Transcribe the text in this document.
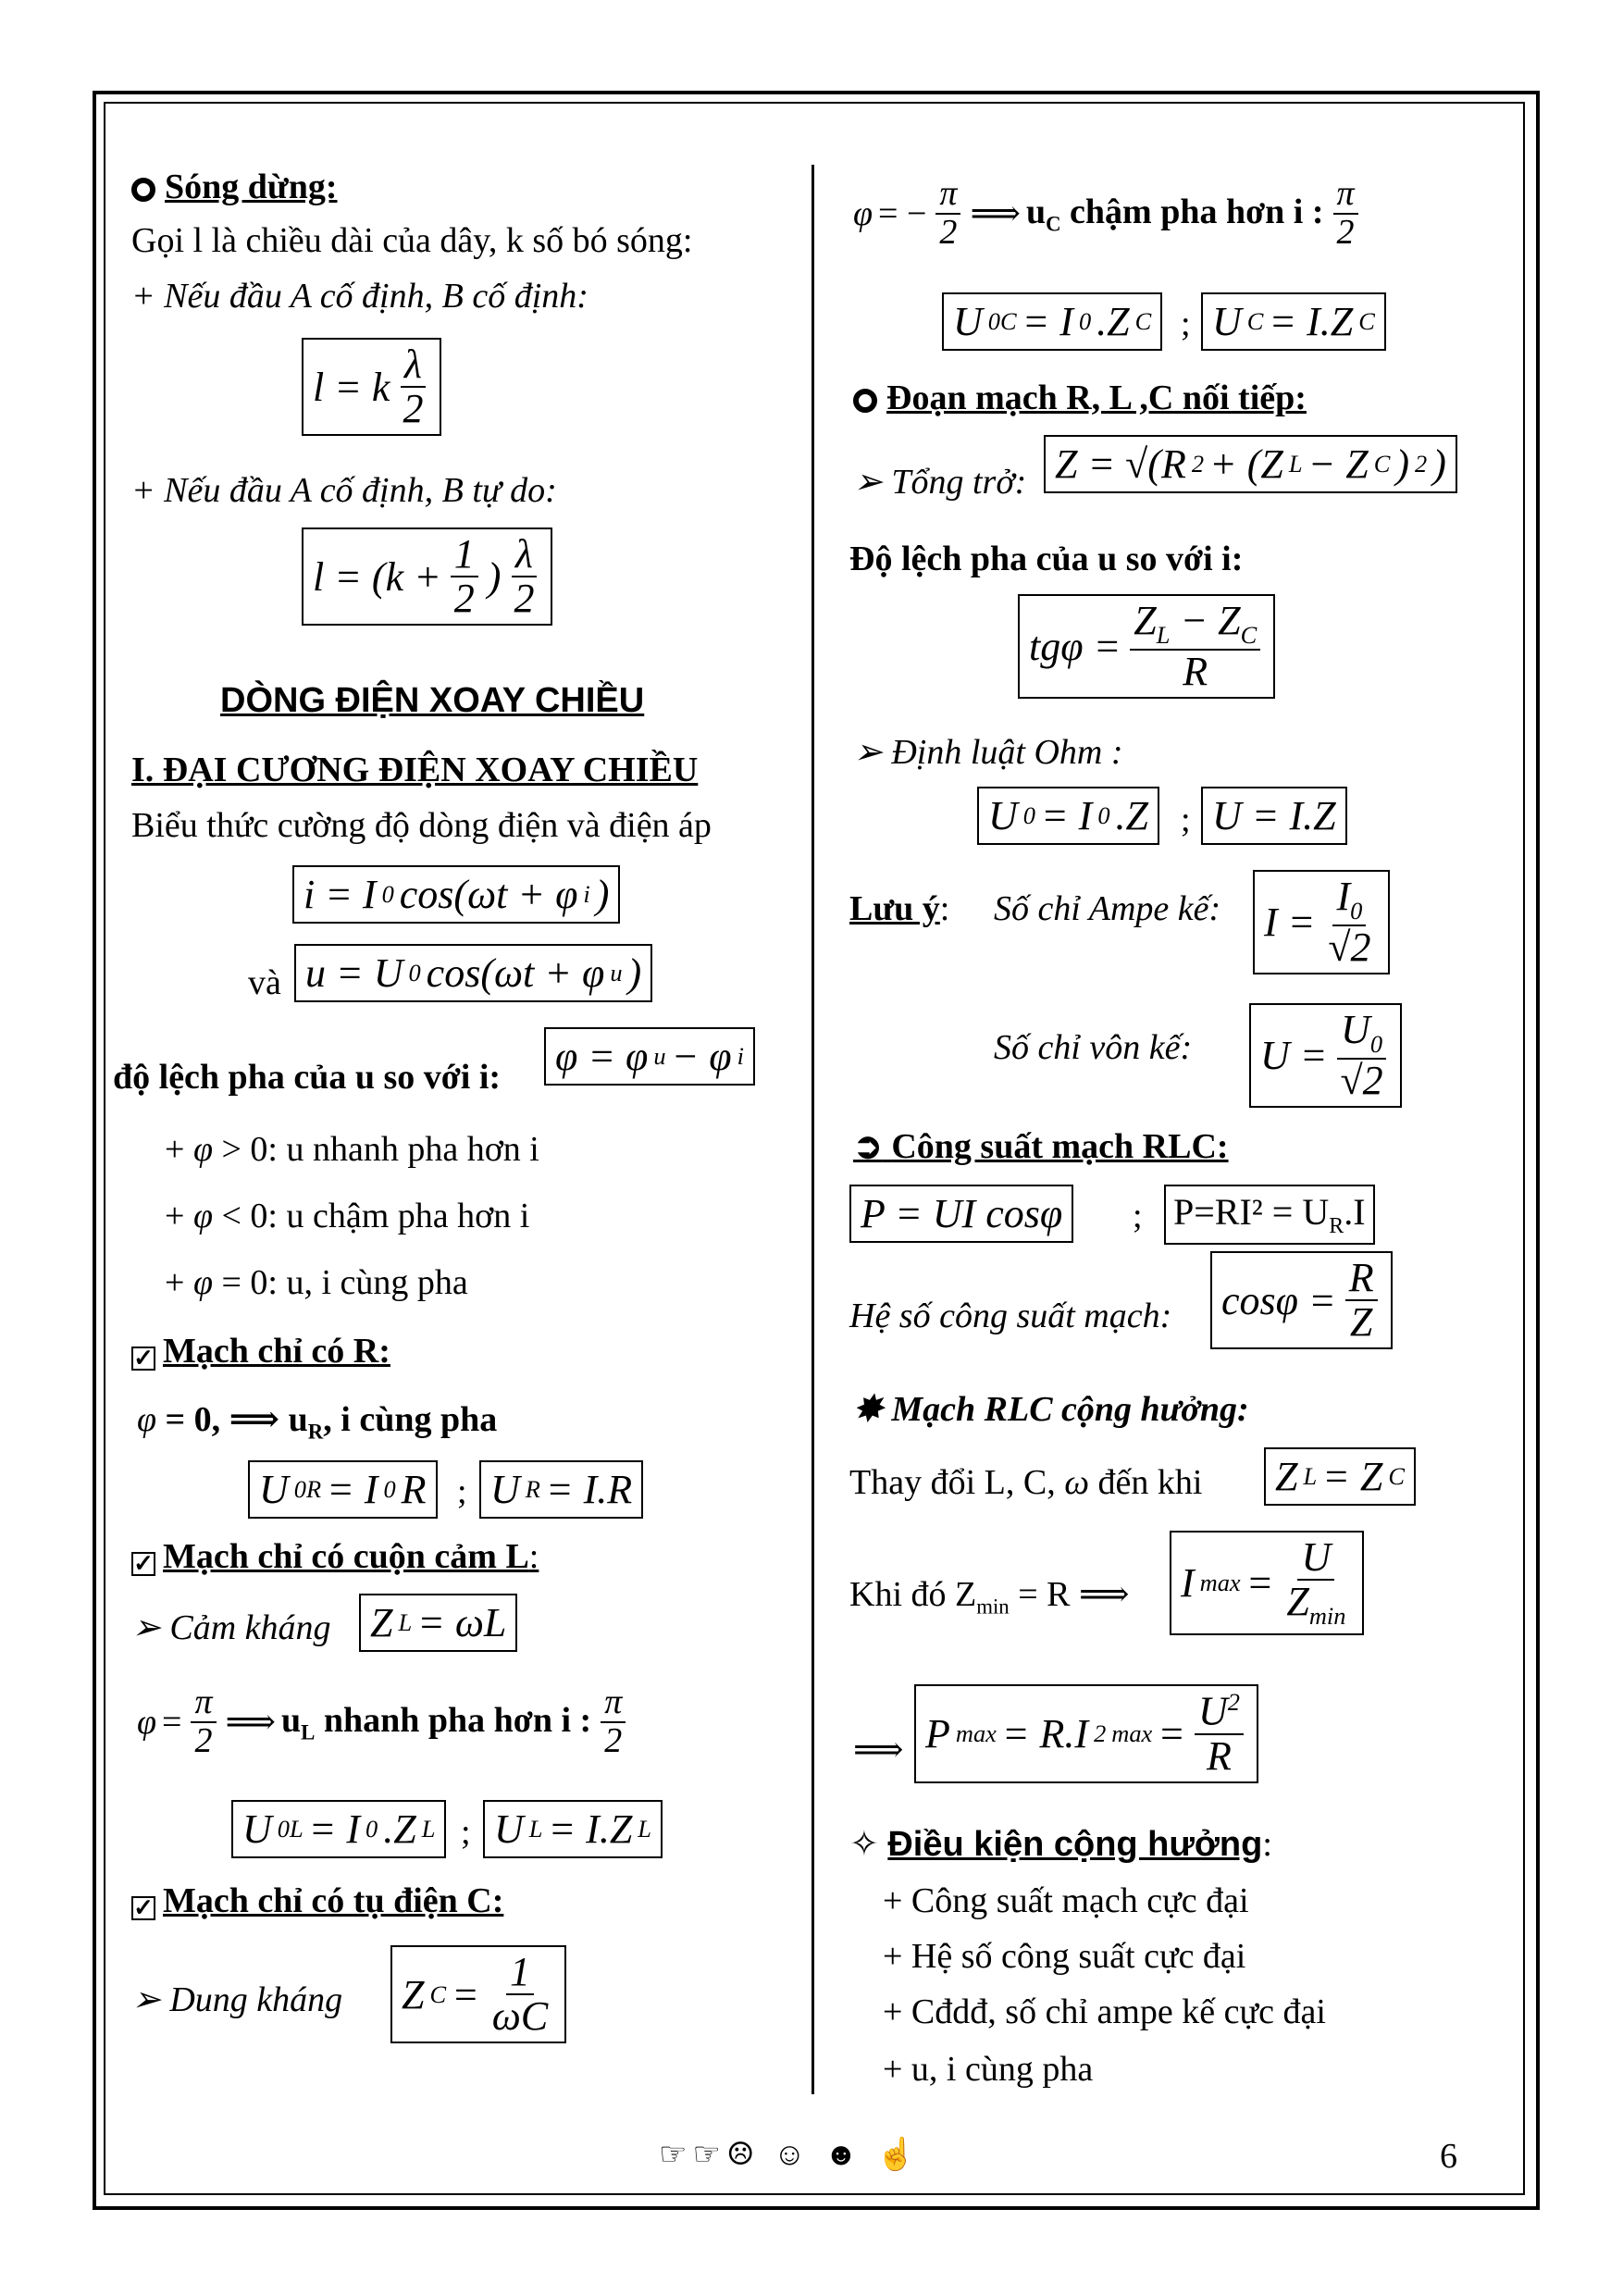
Sóng dừng:
Gọi l là chiều dài của dây, k số bó sóng:
+ Nếu đầu A cố định, B cố định:
l = k $\frac{\lambda}{2}$
+ Nếu đầu A cố định, B tự do:
$l = (k + \frac{1}{2}$ ) $\frac{\lambda}{2}$
DÒNG ĐIỆN XOAY CHIỀU
I. ĐẠI CƯƠNG ĐIỆN XOAY CHIỀU
Biểu thức cường độ dòng điện và điện áp
i = I 0 cos(ωt + φ i )
và u = U 0 cos(ωt + φ u )
độ lệch pha của u so với i: φ = φ u − φ i
+ φ > 0: u nhanh pha hơn i
+ φ < 0: u chậm pha hơn i
+ φ = 0: u, i cùng pha
✓ Mạch chỉ có R:
φ = 0, ⟹ $u_R$, i cùng pha
U 0R = I 0 R ; U R = I.R
✓ Mạch chỉ có cuộn cảm L:
➢ Cảm kháng Z L = ωL
$\varphi = \frac{\pi}{2}$ ⟹ $u_L$ nhanh pha hơn i : $\frac{\pi}{2}$
U 0L = I 0 .Z L ; U L = I.Z L
✓ Mạch chỉ có tụ điện C:
➢ Dung kháng Z $C = \frac{1}{\omega C}$
φ = − $\frac{\pi}{2}$ ⟹ $u_C$ chậm pha hơn i : $\frac{\pi}{2}$
U 0C = I 0 .Z C ; U C = I.Z C
Đoạn mạch R, L ,C nối tiếp:
➢ Tổng trở: Z = √(R 2 + (Z L − Z C ) 2 )
Độ lệch pha của u so với i:
$tg\varphi = \frac{Z_L - Z_C}{R}$
➢ Định luật Ohm :
U 0 = I 0 .Z ; U = I.Z
Lưu ý: Số chỉ Ampe kế: $I = \frac{I_0}{√2}$
Số chỉ vôn kế: $U = \frac{U_0}{√2}$
➲ Công suất mạch RLC:
P = UI cosφ	; $P=RI^2 = U_R.I$
Hệ số công suất mạch: $\cos\varphi = \frac{R}{Z}$
✸ Mạch RLC cộng hưởng:
Thay đổi L, C, ω đến khi Z L = Z C
Khi đó $Z_{min} = R$ ⟹ I $\max = \frac{U}{Z_{min}}$
⟹ P max = R.I 2 $\max = \frac{U^2}{R}$
✧ Điều kiện cộng hưởng:
+ Công suất mạch cực đại
+ Hệ số công suất cực đại
+ Cđdđ, số chỉ ampe kế cực đại
+ u, i cùng pha
☞☞☹ ☺ ☻ ☝	6
